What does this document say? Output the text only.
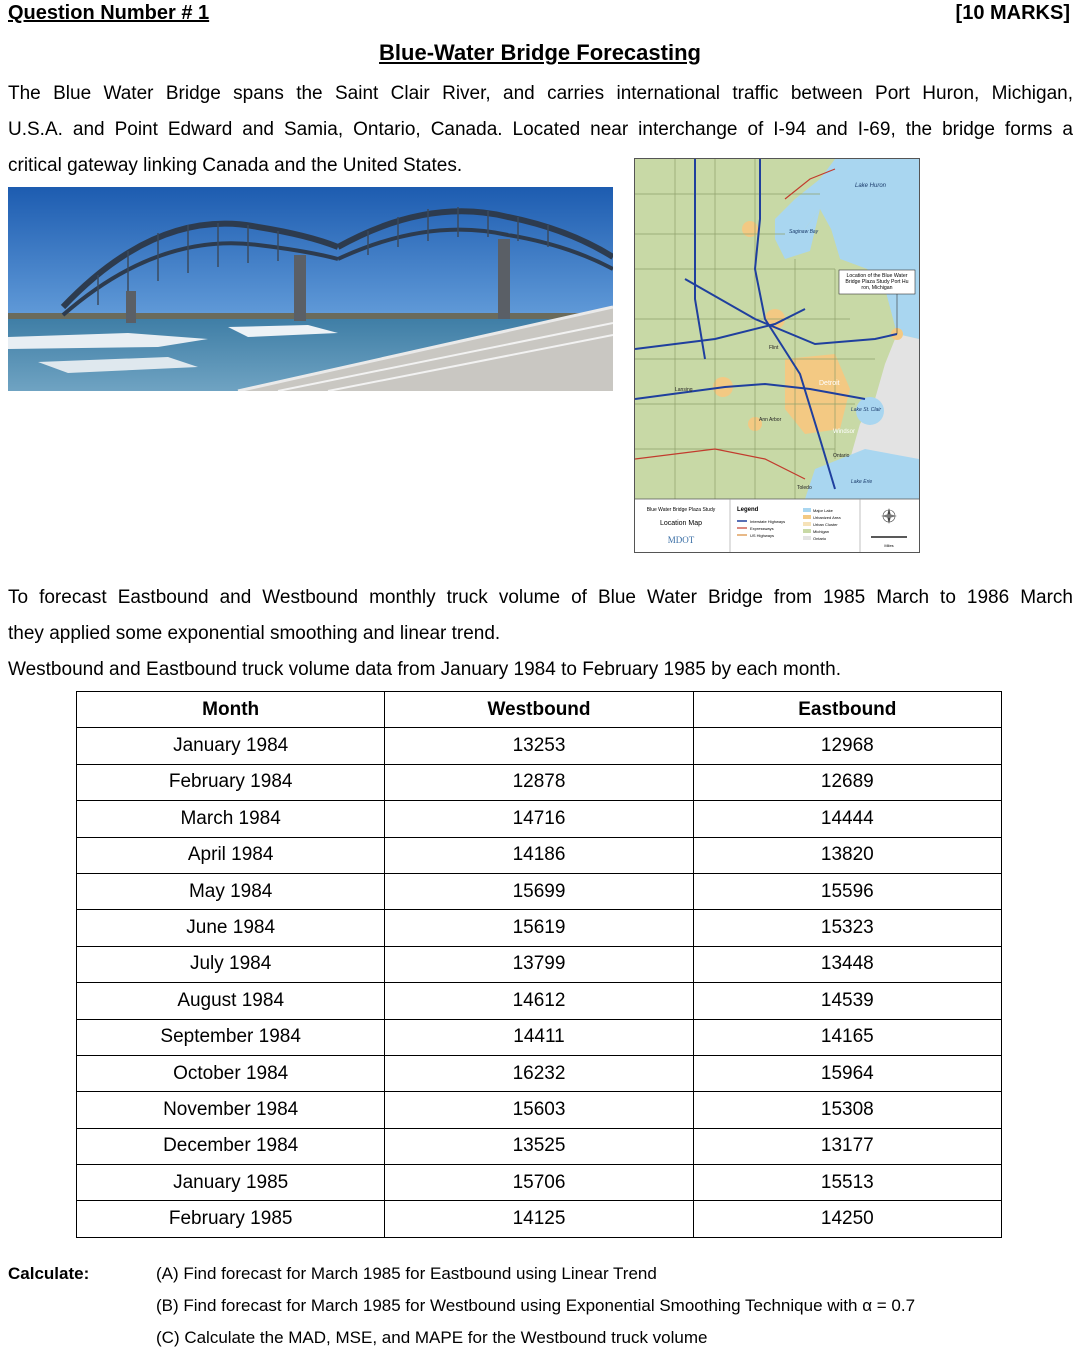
Question Number # 1	[10 MARKS]
Blue-Water Bridge Forecasting
The Blue Water Bridge spans the Saint Clair River, and carries international traffic between Port Huron, Michigan,
U.S.A. and Point Edward and Samia, Ontario, Canada. Located near interchange of I-94 and I-69, the bridge forms a
critical gateway linking Canada and the United States.
Location of the Blue Water Bridge Plaza Study Port Hu ron, Michigan
Lake Huron
Saginaw Bay
Lake St. Clair
Lake Erie
Detroit
Windsor
Ontario
Toledo
Flint
Ann Arbor
Lansing
Blue Water Bridge Plaza Study
Location Map
MDOT
Legend
Interstate Highways
Expressways
US Highways
Major Lake
Urbanized Area
Urban Cluster
Michigan
Ontario
Miles
To forecast Eastbound and Westbound monthly truck volume of Blue Water Bridge from 1985 March to 1986 March
they applied some exponential smoothing and linear trend.
Westbound and Eastbound truck volume data from January 1984 to February 1985 by each month.
Month	Westbound	Eastbound
January 1984	13253	12968
February 1984	12878	12689
March 1984	14716	14444
April 1984	14186	13820
May 1984	15699	15596
June 1984	15619	15323
July 1984	13799	13448
August 1984	14612	14539
September 1984	14411	14165
October 1984	16232	15964
November 1984	15603	15308
December 1984	13525	13177
January 1985	15706	15513
February 1985	14125	14250
Calculate:	(A) Find forecast for March 1985 for Eastbound using Linear Trend
(B) Find forecast for March 1985 for Westbound using Exponential Smoothing Technique with α = 0.7
(C) Calculate the MAD, MSE, and MAPE for the Westbound truck volume
